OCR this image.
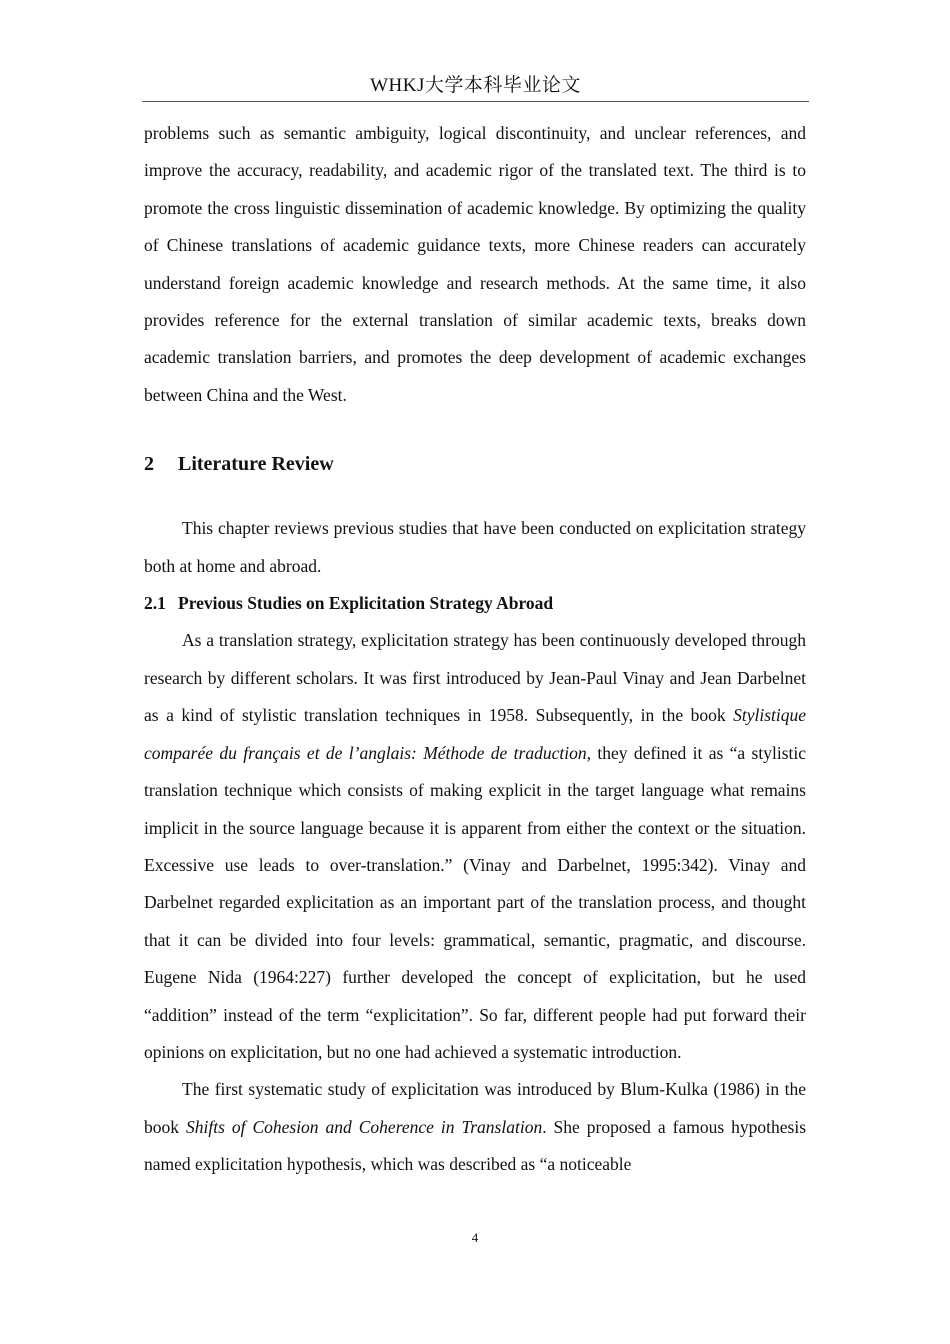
WHKJ大学本科毕业论文

problems such as semantic ambiguity, logical discontinuity, and unclear references, and improve the accuracy, readability, and academic rigor of the translated text. The third is to promote the cross linguistic dissemination of academic knowledge. By optimizing the quality of Chinese translations of academic guidance texts, more Chinese readers can accurately understand foreign academic knowledge and research methods. At the same time, it also provides reference for the external translation of similar academic texts, breaks down academic translation barriers, and promotes the deep development of academic exchanges between China and the West.

2 Literature Review

This chapter reviews previous studies that have been conducted on explicitation strategy both at home and abroad.

2.1 Previous Studies on Explicitation Strategy Abroad

As a translation strategy, explicitation strategy has been continuously developed through research by different scholars. It was first introduced by Jean-Paul Vinay and Jean Darbelnet as a kind of stylistic translation techniques in 1958. Subsequently, in the book Stylistique comparée du français et de l’anglais: Méthode de traduction, they defined it as “a stylistic translation technique which consists of making explicit in the target language what remains implicit in the source language because it is apparent from either the context or the situation. Excessive use leads to over-translation.” (Vinay and Darbelnet, 1995:342). Vinay and Darbelnet regarded explicitation as an important part of the translation process, and thought that it can be divided into four levels: grammatical, semantic, pragmatic, and discourse. Eugene Nida (1964:227) further developed the concept of explicitation, but he used “addition” instead of the term “explicitation”. So far, different people had put forward their opinions on explicitation, but no one had achieved a systematic introduction.

The first systematic study of explicitation was introduced by Blum-Kulka (1986) in the book Shifts of Cohesion and Coherence in Translation. She proposed a famous hypothesis named explicitation hypothesis, which was described as “a noticeable

4
